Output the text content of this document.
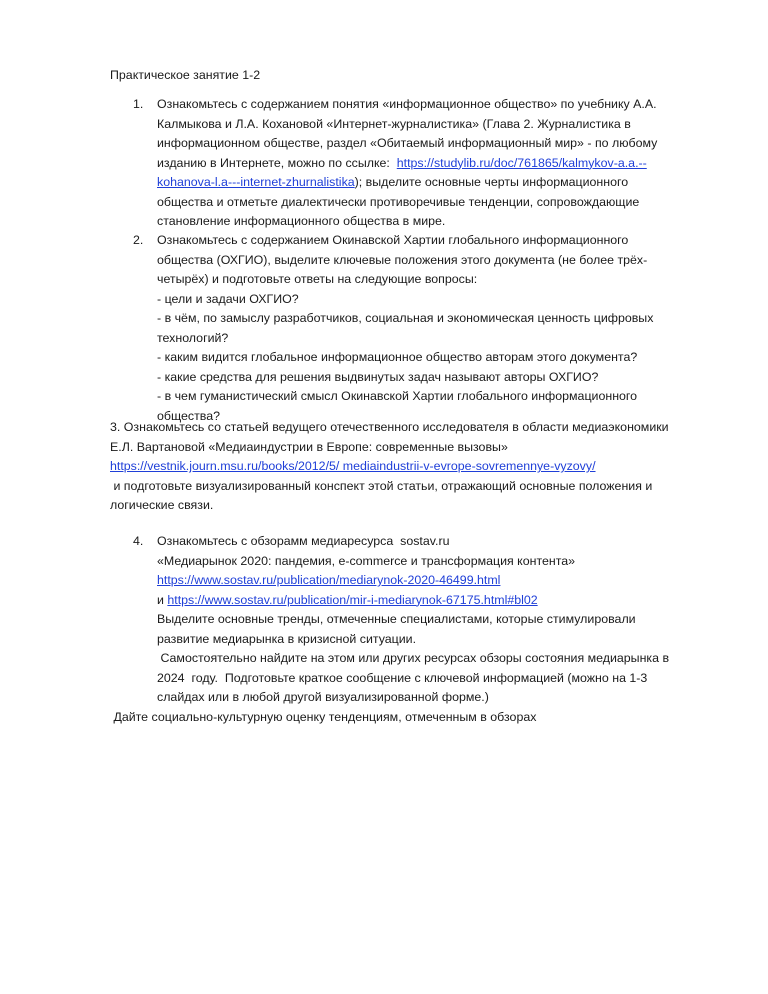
Практическое занятие 1-2
1. Ознакомьтесь с содержанием понятия «информационное общество» по учебнику А.А.
Калмыкова и Л.А. Кохановой «Интернет-журналистика» (Глава 2. Журналистика в
информационном обществе, раздел «Обитаемый информационный мир» - по любому
изданию в Интернете, можно по ссылке:  https://studylib.ru/doc/761865/kalmykov-a.a.--
kohanova-l.a---internet-zhurnalistika); выделите основные черты информационного
общества и отметьте диалектически противоречивые тенденции, сопровождающие
становление информационного общества в мире.
2. Ознакомьтесь с содержанием Окинавской Хартии глобального информационного
общества (ОХГИО), выделите ключевые положения этого документа (не более трёх-
четырёх) и подготовьте ответы на следующие вопросы:
- цели и задачи ОХГИО?
- в чём, по замыслу разработчиков, социальная и экономическая ценность цифровых
технологий?
- каким видится глобальное информационное общество авторам этого документа?
- какие средства для решения выдвинутых задач называют авторы ОХГИО?
- в чем гуманистический смысл Окинавской Хартии глобального информационного
общества?
3. Ознакомьтесь со статьей ведущего отечественного исследователя в области медиаэкономики
Е.Л. Вартановой «Медиаиндустрии в Европе: современные вызовы»
https://vestnik.journ.msu.ru/books/2012/5/ mediaindustrii-v-evrope-sovremennye-vyzovy/
и подготовьте визуализированный конспект этой статьи, отражающий основные положения и
логические связи.
4. Ознакомьтесь с обзорамм медиаресурса  sostav.ru
«Медиарынок 2020: пандемия, e-commerce и трансформация контента»
https://www.sostav.ru/publication/mediarynok-2020-46499.html
и https://www.sostav.ru/publication/mir-i-mediarynok-67175.html#bl02
Выделите основные тренды, отмеченные специалистами, которые стимулировали
развитие медиарынка в кризисной ситуации.
Самостоятельно найдите на этом или других ресурсах обзоры состояния медиарынка в
2024  году.  Подготовьте краткое сообщение с ключевой информацией (можно на 1-3
слайдах или в любой другой визуализированной форме.)
Дайте социально-культурную оценку тенденциям, отмеченным в обзорах
